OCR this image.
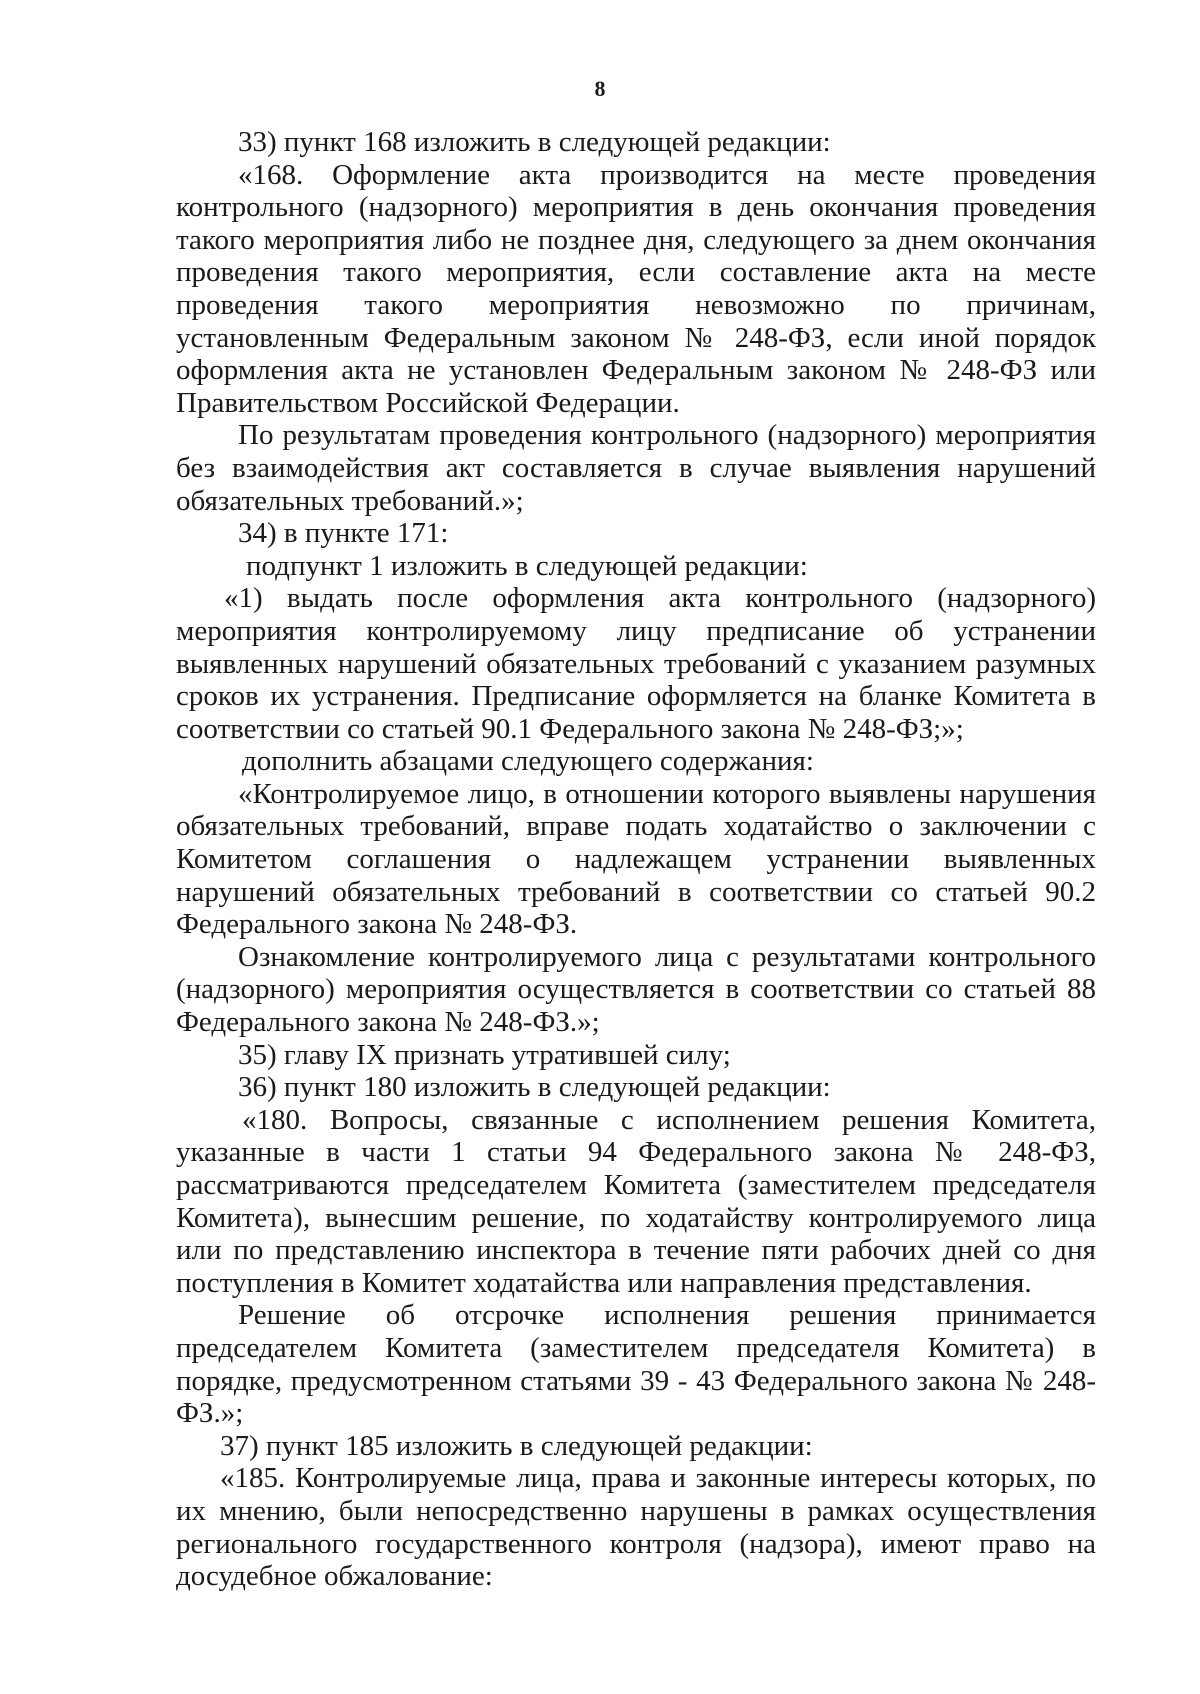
8

33) пункт 168 изложить в следующей редакции:

«168. Оформление акта производится на месте проведения контрольного (надзорного) мероприятия в день окончания проведения такого мероприятия либо не позднее дня, следующего за днем окончания проведения такого мероприятия, если составление акта на месте проведения такого мероприятия невозможно по причинам, установленным Федеральным законом № 248-ФЗ, если иной порядок оформления акта не установлен Федеральным законом № 248-ФЗ или Правительством Российской Федерации.

По результатам проведения контрольного (надзорного) мероприятия без взаимодействия акт составляется в случае выявления нарушений обязательных требований.»;

34) в пункте 171:

подпункт 1 изложить в следующей редакции:

«1) выдать после оформления акта контрольного (надзорного) мероприятия контролируемому лицу предписание об устранении выявленных нарушений обязательных требований с указанием разумных сроков их устранения. Предписание оформляется на бланке Комитета в соответствии со статьей 90.1 Федерального закона № 248-ФЗ;»;

дополнить абзацами следующего содержания:

«Контролируемое лицо, в отношении которого выявлены нарушения обязательных требований, вправе подать ходатайство о заключении с Комитетом соглашения о надлежащем устранении выявленных нарушений обязательных требований в соответствии со статьей 90.2 Федерального закона № 248-ФЗ.

Ознакомление контролируемого лица с результатами контрольного (надзорного) мероприятия осуществляется в соответствии со статьей 88 Федерального закона № 248-ФЗ.»;

35) главу IX признать утратившей силу;

36) пункт 180 изложить в следующей редакции:

«180. Вопросы, связанные с исполнением решения Комитета, указанные в части 1 статьи 94 Федерального закона № 248-ФЗ, рассматриваются председателем Комитета (заместителем председателя Комитета), вынесшим решение, по ходатайству контролируемого лица или по представлению инспектора в течение пяти рабочих дней со дня поступления в Комитет ходатайства или направления представления.

Решение об отсрочке исполнения решения принимается председателем Комитета (заместителем председателя Комитета) в порядке, предусмотренном статьями 39 - 43 Федерального закона № 248-ФЗ.»;

37) пункт 185 изложить в следующей редакции:

«185. Контролируемые лица, права и законные интересы которых, по их мнению, были непосредственно нарушены в рамках осуществления регионального государственного контроля (надзора), имеют право на досудебное обжалование:
